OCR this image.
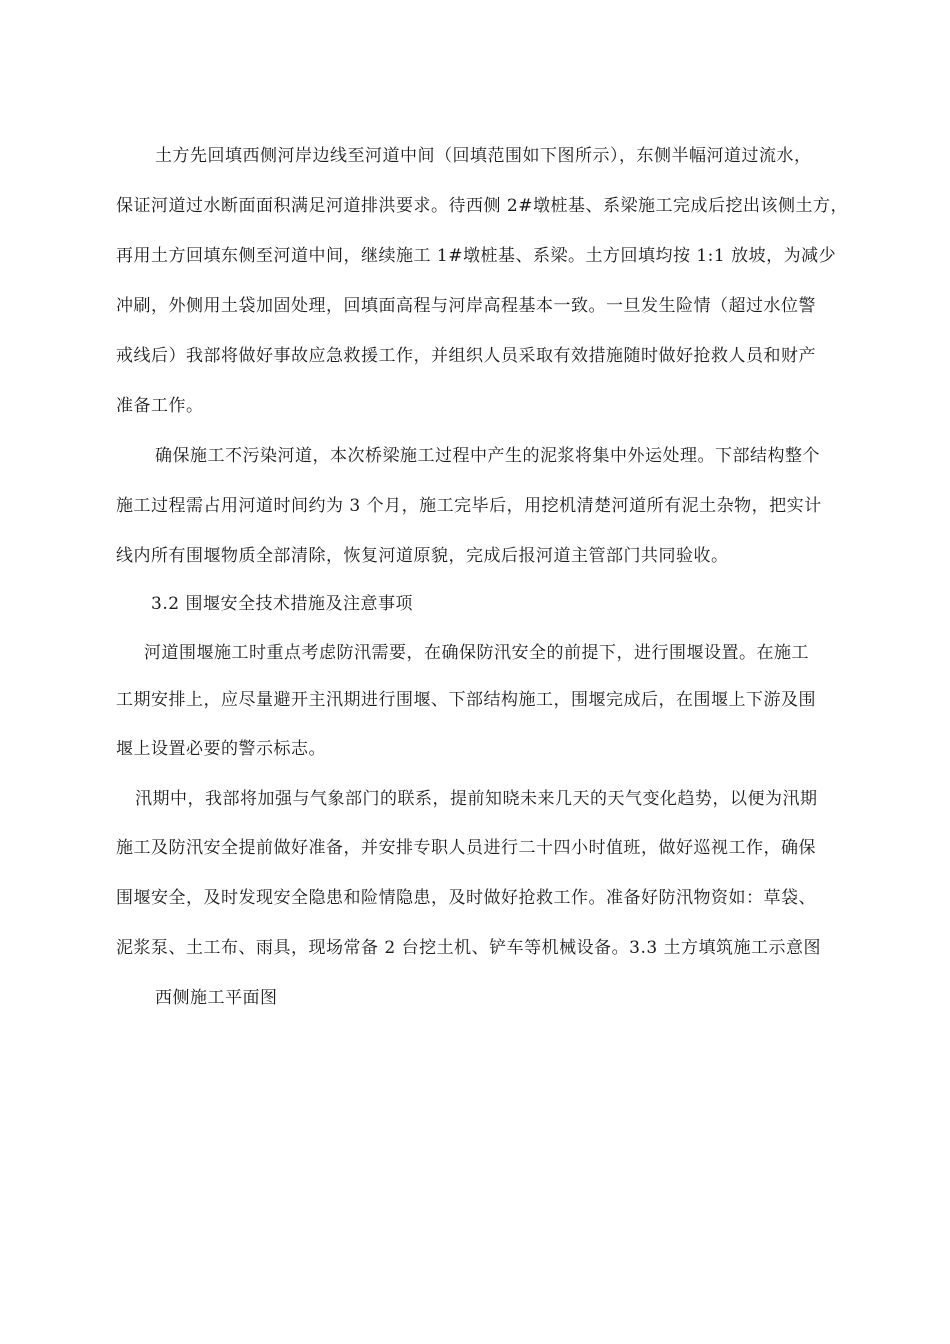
土方先回填西侧河岸边线至河道中间（回填范围如下图所示），东侧半幅河道过流水，

保证河道过水断面面积满足河道排洪要求。待西侧 2#墩桩基、系梁施工完成后挖出该侧土方，

再用土方回填东侧至河道中间，继续施工 1#墩桩基、系梁。土方回填均按 1:1 放坡，为减少

冲刷，外侧用土袋加固处理，回填面高程与河岸高程基本一致。一旦发生险情（超过水位警

戒线后）我部将做好事故应急救援工作，并组织人员采取有效措施随时做好抢救人员和财产

准备工作。

确保施工不污染河道，本次桥梁施工过程中产生的泥浆将集中外运处理。下部结构整个

施工过程需占用河道时间约为 3 个月，施工完毕后，用挖机清楚河道所有泥土杂物，把实计

线内所有围堰物质全部清除，恢复河道原貌，完成后报河道主管部门共同验收。

3.2 围堰安全技术措施及注意事项

河道围堰施工时重点考虑防汛需要，在确保防汛安全的前提下，进行围堰设置。在施工

工期安排上，应尽量避开主汛期进行围堰、下部结构施工，围堰完成后，在围堰上下游及围

堰上设置必要的警示标志。

汛期中，我部将加强与气象部门的联系，提前知晓未来几天的天气变化趋势，以便为汛期

施工及防汛安全提前做好准备，并安排专职人员进行二十四小时值班，做好巡视工作，确保

围堰安全，及时发现安全隐患和险情隐患，及时做好抢救工作。准备好防汛物资如：草袋、

泥浆泵、土工布、雨具，现场常备 2 台挖土机、铲车等机械设备。3.3 土方填筑施工示意图

西侧施工平面图
